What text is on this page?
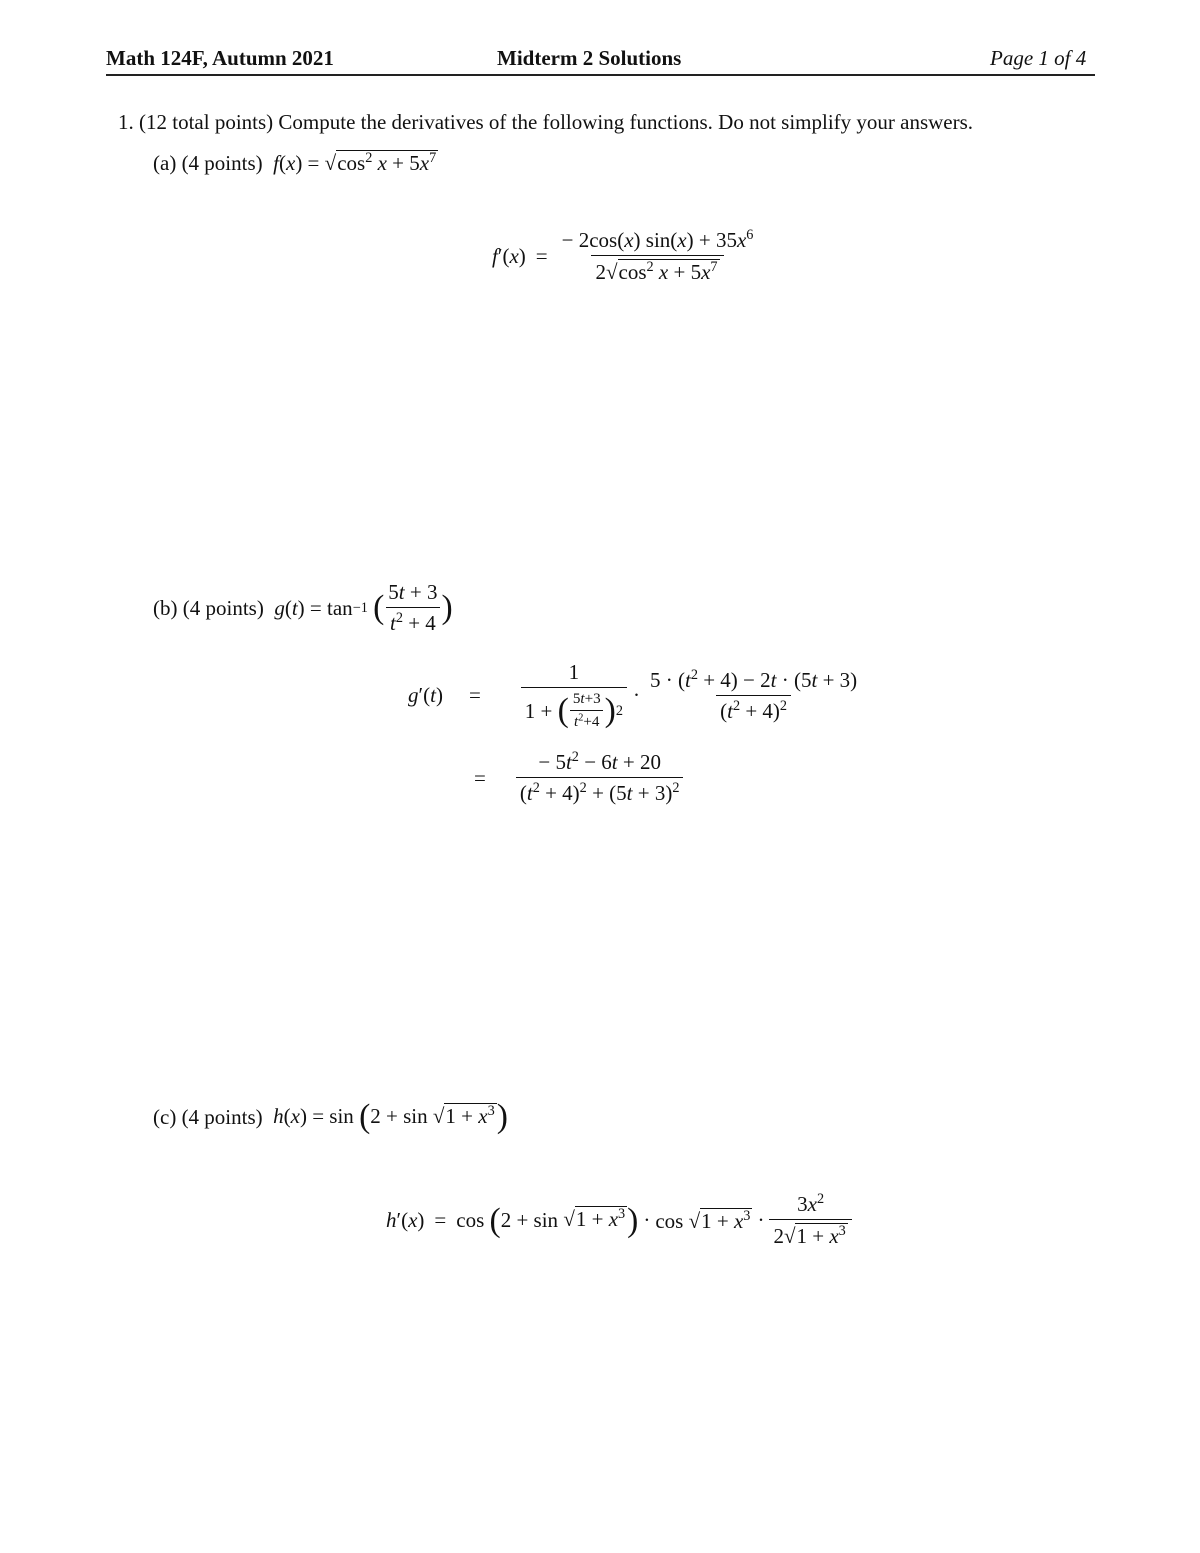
Math 124F, Autumn 2021	Midterm 2 Solutions	Page 1 of 4
1. (12 total points) Compute the derivatives of the following functions. Do not simplify your answers.
(a) (4 points) $f(x) = √\cos^2$ $x + 5x^7$
$f'(x) = \frac{- 2\cos(x) \sin(x) + 35x^6}{2√\cos^2 x + 5x^7}$
(b)
(4 points)

g ( t ) = tan −1
( $\frac{5t + 3}{t^2 + 4}$ )
$g'(t) = \frac{1}{1 + ( \frac{5t+3}{t^2+4} ) 2} \cdot \frac{5 \cdot (t^2 + 4) - 2t \cdot (5t + 3)}{(t^2 + 4)^2}$
= $\frac{- 5t^2 - 6t + 20}{(t^2 + 4)^2 + (5t + 3)^2}$
(c)
(4 points)
$h(x) = \sin (2 + \sin √1 + x^3)$
$h'(x) = \cos (2 + \sin √1 + x^3) \cdot \cos √1 + x^3 \cdot \frac{3x^2}{2√1 + x^3}$
